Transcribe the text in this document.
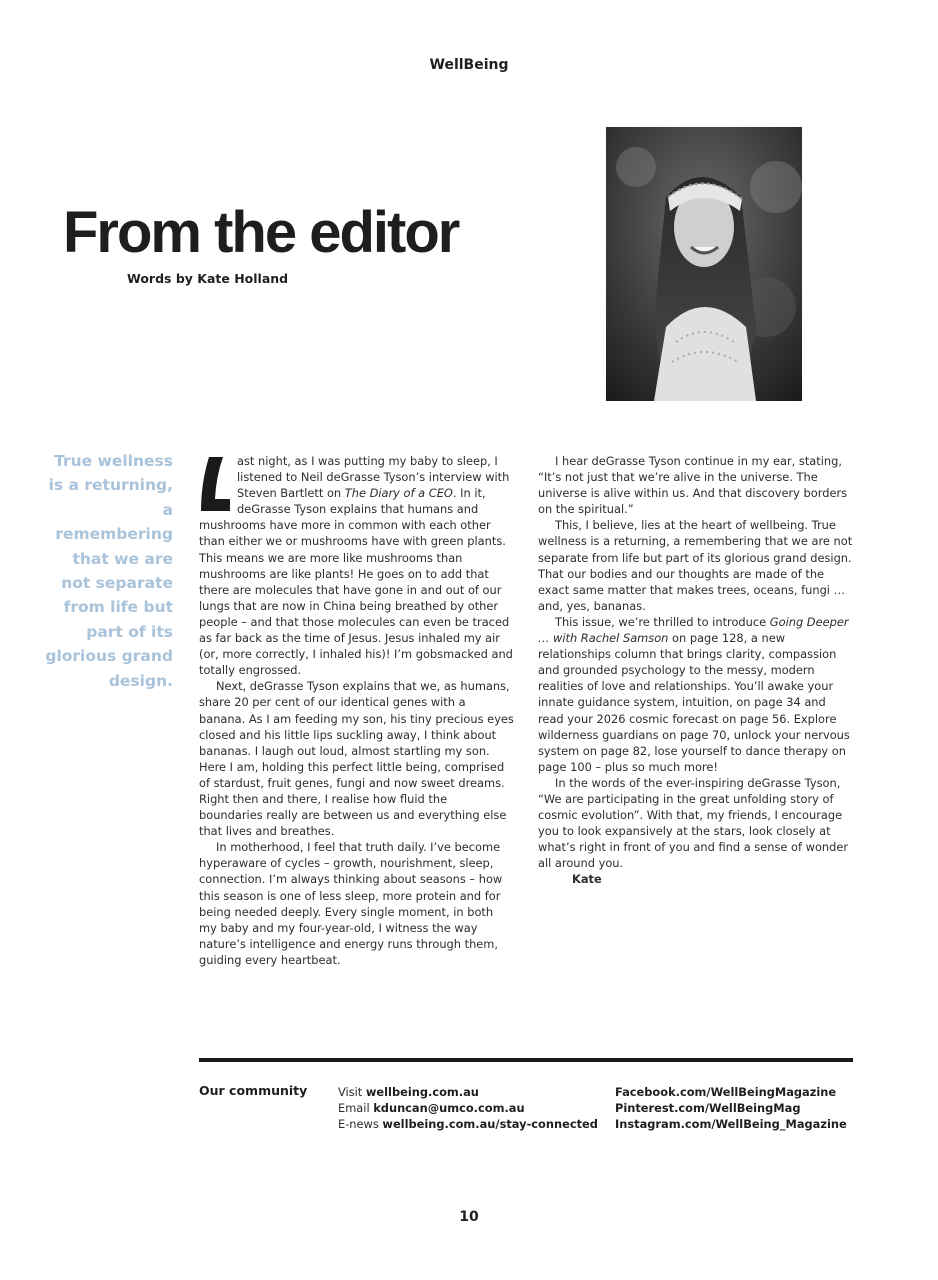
WellBeing
From the editor
Words by Kate Holland

True wellness is a returning, a remembering that we are not separate from life but part of its glorious grand design.

ast night, as I was putting my baby to sleep, I listened to Neil deGrasse Tyson’s interview with Steven Bartlett on The Diary of a CEO. In it, deGrasse Tyson explains that humans and mushrooms have more in common with each other than either we or mushrooms have with green plants. This means we are more like mushrooms than mushrooms are like plants! He goes on to add that there are molecules that have gone in and out of our lungs that are now in China being breathed by other people – and that those molecules can even be traced as far back as the time of Jesus. Jesus inhaled my air (or, more correctly, I inhaled his)! I’m gobsmacked and totally engrossed.

Next, deGrasse Tyson explains that we, as humans, share 20 per cent of our identical genes with a banana. As I am feeding my son, his tiny precious eyes closed and his little lips suckling away, I think about bananas. I laugh out loud, almost startling my son. Here I am, holding this perfect little being, comprised of stardust, fruit genes, fungi and now sweet dreams. Right then and there, I realise how fluid the boundaries really are between us and everything else that lives and breathes.

In motherhood, I feel that truth daily. I’ve become hyperaware of cycles – growth, nourishment, sleep, connection. I’m always thinking about seasons – how this season is one of less sleep, more protein and for being needed deeply. Every single moment, in both my baby and my four-year-old, I witness the way nature’s intelligence and energy runs through them, guiding every heartbeat.

I hear deGrasse Tyson continue in my ear, stating, “It’s not just that we’re alive in the universe. The universe is alive within us. And that discovery borders on the spiritual.”

This, I believe, lies at the heart of wellbeing. True wellness is a returning, a remembering that we are not separate from life but part of its glorious grand design. That our bodies and our thoughts are made of the exact same matter that makes trees, oceans, fungi … and, yes, bananas.

This issue, we’re thrilled to introduce Going Deeper … with Rachel Samson on page 128, a new relationships column that brings clarity, compassion and grounded psychology to the messy, modern realities of love and relationships. You’ll awake your innate guidance system, intuition, on page 34 and read your 2026 cosmic forecast on page 56. Explore wilderness guardians on page 70, unlock your nervous system on page 82, lose yourself to dance therapy on page 100 – plus so much more!

In the words of the ever-inspiring deGrasse Tyson, “We are participating in the great unfolding story of cosmic evolution”. With that, my friends, I encourage you to look expansively at the stars, look closely at what’s right in front of you and find a sense of wonder all around you.

Kate

Our community	Visit wellbeing.com.au
Email kduncan@umco.com.au
E-news wellbeing.com.au/stay-connected
Facebook.com/WellBeingMagazine
Pinterest.com/WellBeingMag
Instagram.com/WellBeing_Magazine
10
